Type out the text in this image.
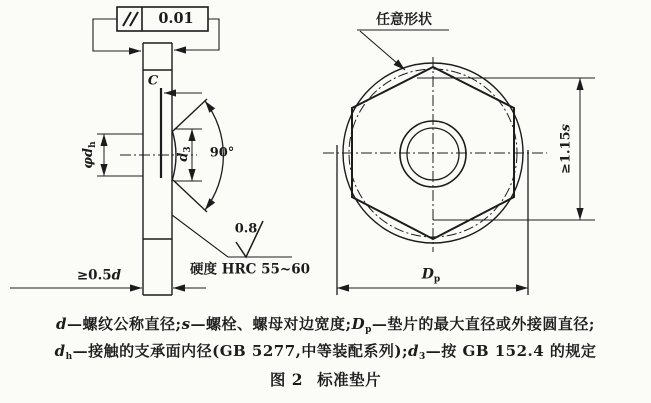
0.01
C
90°
$d_3$
$\varphi d_h$
0.8
硬度 HRC 55~60
≥0.5d
任意形状
≥1.15s
$D_p$
d—螺纹公称直径;s—螺栓、螺母对边宽度$;D_p—$垫片的最大直径或外接圆直径;
$d_h—$接触的支承面内径(GB 5277,中等装配系列)$;d_3—$按 GB 152.4 的规定
图 2 标准垫片
